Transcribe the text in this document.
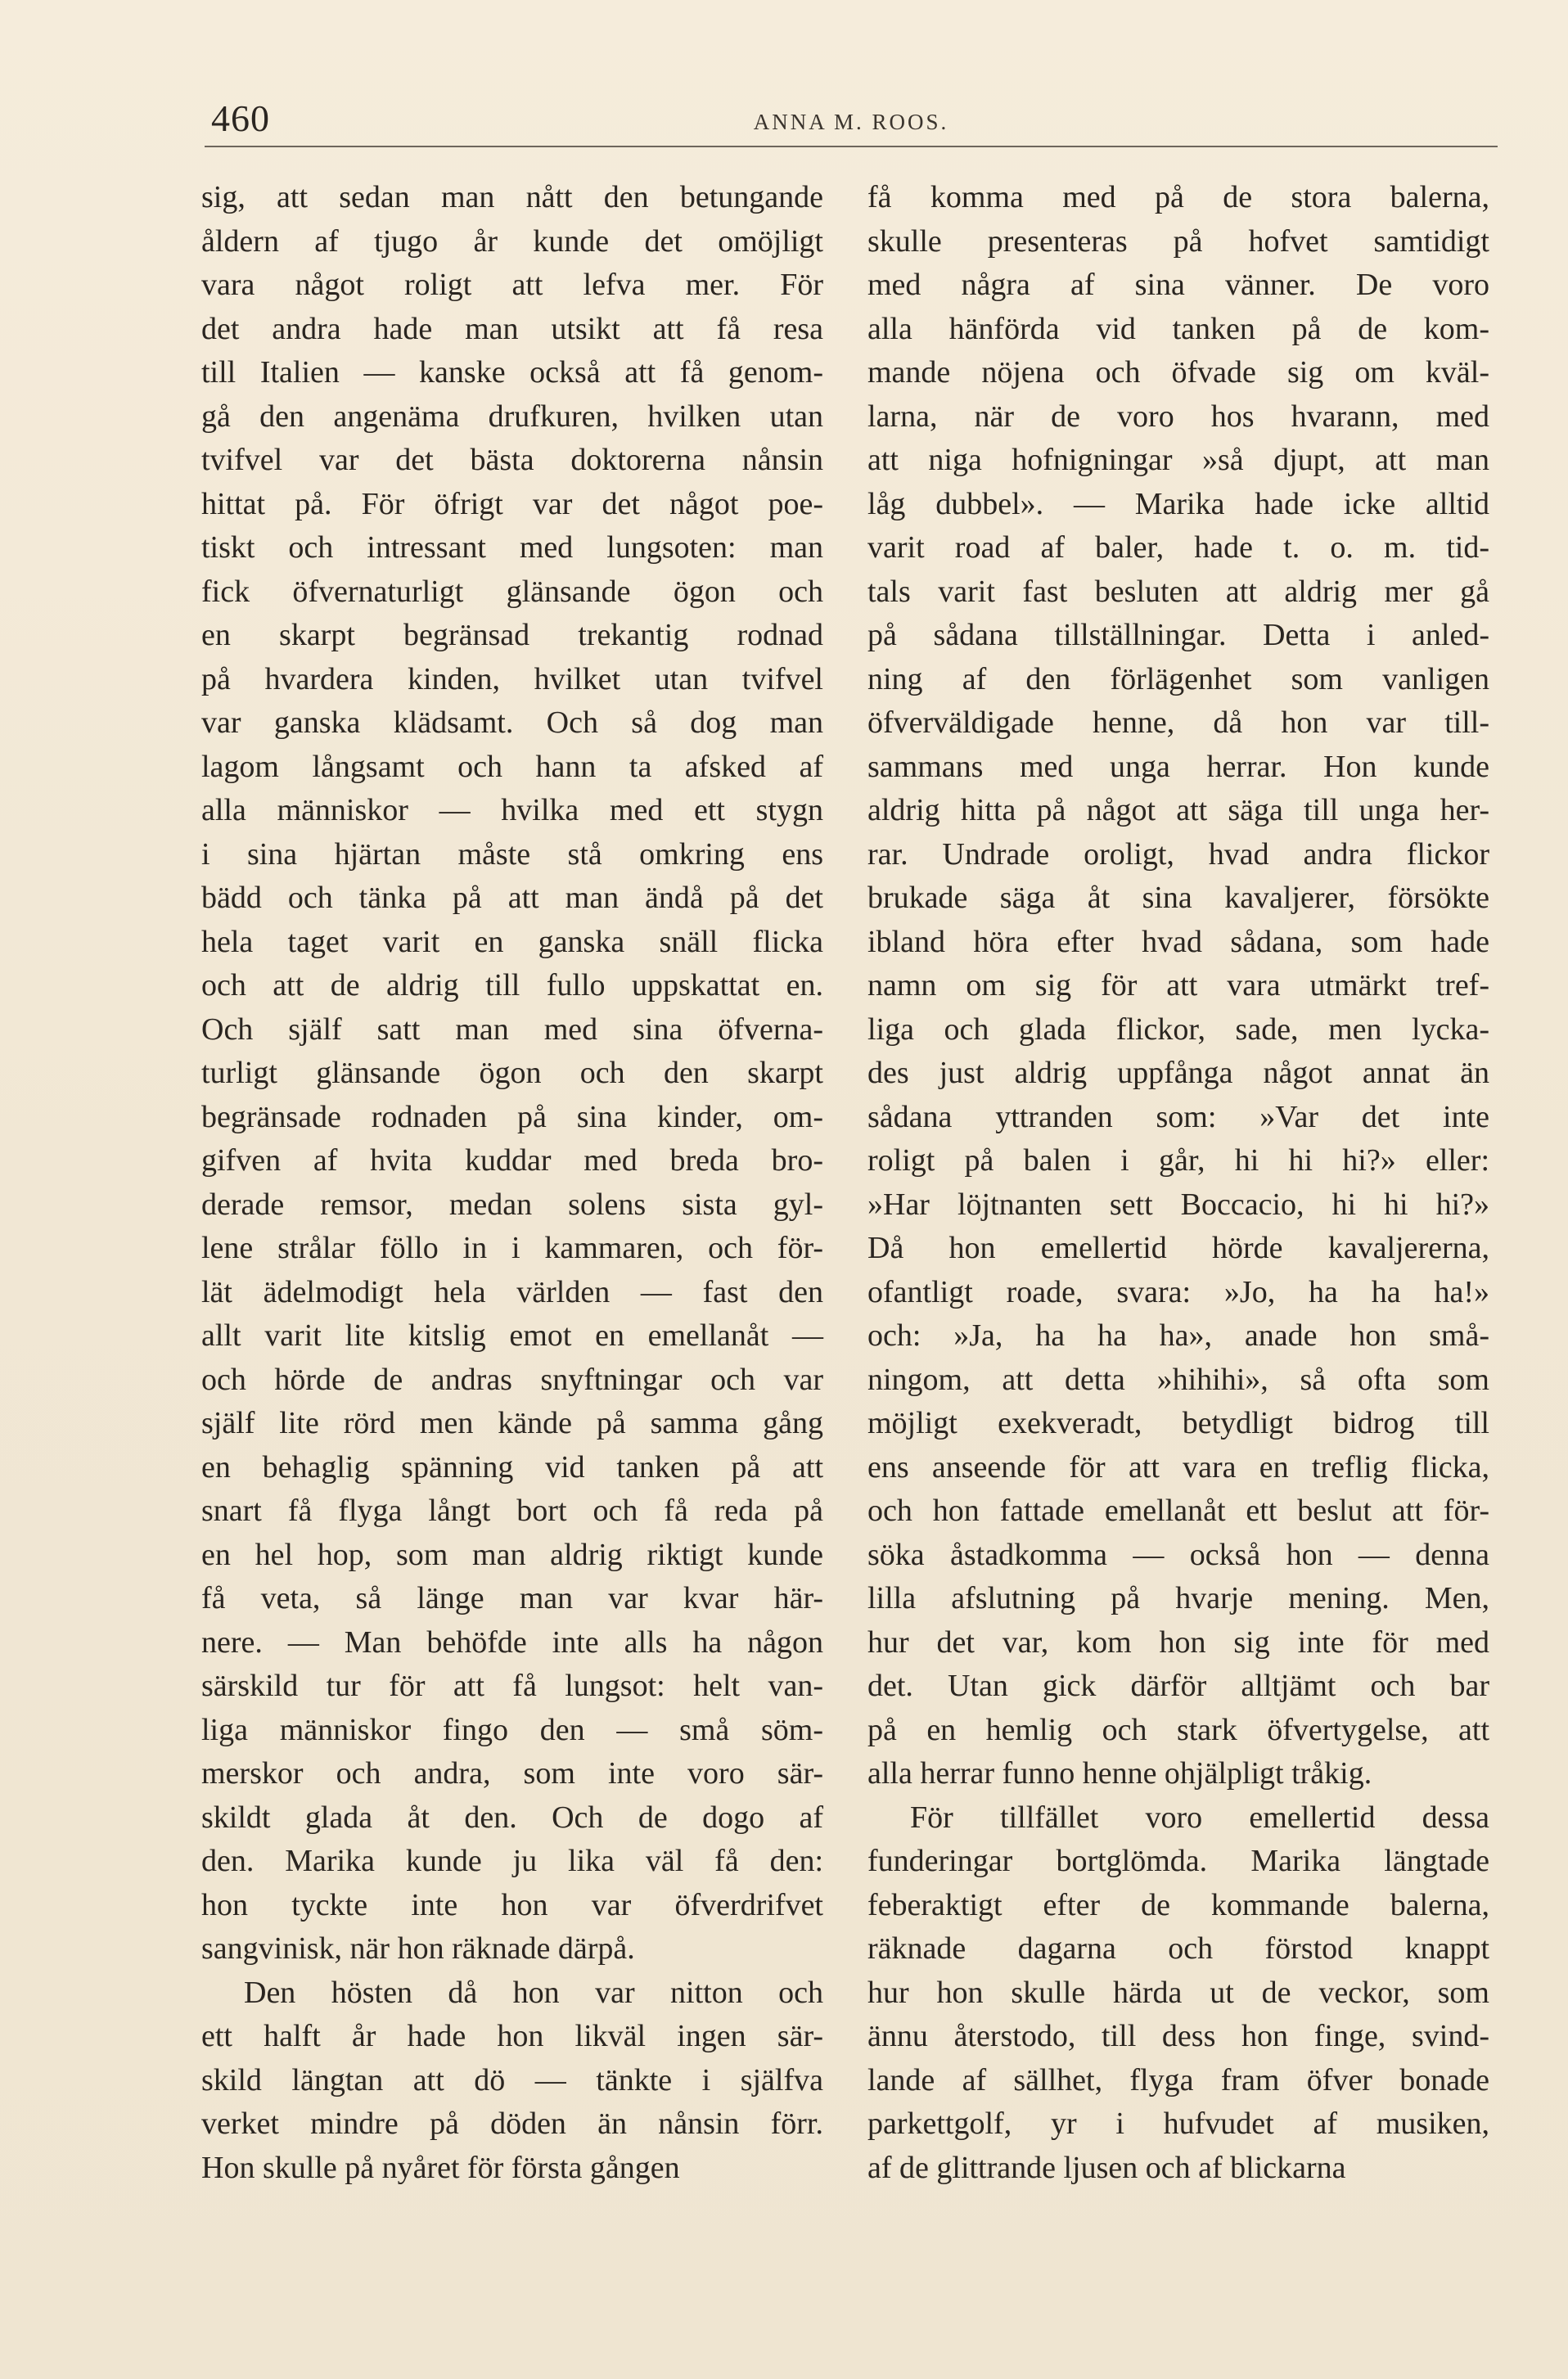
460	ANNA M. ROOS.
sig, att sedan man nått den betungande
åldern af tjugo år kunde det omöjligt
vara något roligt att lefva mer. För
det andra hade man utsikt att få resa
till Italien — kanske också att få genom-
gå den angenäma drufkuren, hvilken utan
tvifvel var det bästa doktorerna nånsin
hittat på. För öfrigt var det något poe-
tiskt och intressant med lungsoten: man
fick öfvernaturligt glänsande ögon och
en skarpt begränsad trekantig rodnad
på hvardera kinden, hvilket utan tvifvel
var ganska klädsamt. Och så dog man
lagom långsamt och hann ta afsked af
alla människor — hvilka med ett stygn
i sina hjärtan måste stå omkring ens
bädd och tänka på att man ändå på det
hela taget varit en ganska snäll flicka
och att de aldrig till fullo uppskattat en.
Och själf satt man med sina öfverna-
turligt glänsande ögon och den skarpt
begränsade rodnaden på sina kinder, om-
gifven af hvita kuddar med breda bro-
derade remsor, medan solens sista gyl-
lene strålar föllo in i kammaren, och för-
lät ädelmodigt hela världen — fast den
allt varit lite kitslig emot en emellanåt —
och hörde de andras snyftningar och var
själf lite rörd men kände på samma gång
en behaglig spänning vid tanken på att
snart få flyga långt bort och få reda på
en hel hop, som man aldrig riktigt kunde
få veta, så länge man var kvar här-
nere. — Man behöfde inte alls ha någon
särskild tur för att få lungsot: helt van-
liga människor fingo den — små söm-
merskor och andra, som inte voro sär-
skildt glada åt den. Och de dogo af
den. Marika kunde ju lika väl få den:
hon tyckte inte hon var öfverdrifvet
sangvinisk, när hon räknade därpå.
Den hösten då hon var nitton och
ett halft år hade hon likväl ingen sär-
skild längtan att dö — tänkte i själfva
verket mindre på döden än nånsin förr.
Hon skulle på nyåret för första gången
få komma med på de stora balerna,
skulle presenteras på hofvet samtidigt
med några af sina vänner. De voro
alla hänförda vid tanken på de kom-
mande nöjena och öfvade sig om kväl-
larna, när de voro hos hvarann, med
att niga hofnigningar »så djupt, att man
låg dubbel». — Marika hade icke alltid
varit road af baler, hade t. o. m. tid-
tals varit fast besluten att aldrig mer gå
på sådana tillställningar. Detta i anled-
ning af den förlägenhet som vanligen
öfverväldigade henne, då hon var till-
sammans med unga herrar. Hon kunde
aldrig hitta på något att säga till unga her-
rar. Undrade oroligt, hvad andra flickor
brukade säga åt sina kavaljerer, försökte
ibland höra efter hvad sådana, som hade
namn om sig för att vara utmärkt tref-
liga och glada flickor, sade, men lycka-
des just aldrig uppfånga något annat än
sådana yttranden som: »Var det inte
roligt på balen i går, hi hi hi?» eller:
»Har löjtnanten sett Boccacio, hi hi hi?»
Då hon emellertid hörde kavaljererna,
ofantligt roade, svara: »Jo, ha ha ha!»
och: »Ja, ha ha ha», anade hon små-
ningom, att detta »hihihi», så ofta som
möjligt exekveradt, betydligt bidrog till
ens anseende för att vara en treflig flicka,
och hon fattade emellanåt ett beslut att för-
söka åstadkomma — också hon — denna
lilla afslutning på hvarje mening. Men,
hur det var, kom hon sig inte för med
det. Utan gick därför alltjämt och bar
på en hemlig och stark öfvertygelse, att
alla herrar funno henne ohjälpligt tråkig.
För tillfället voro emellertid dessa
funderingar bortglömda. Marika längtade
feberaktigt efter de kommande balerna,
räknade dagarna och förstod knappt
hur hon skulle härda ut de veckor, som
ännu återstodo, till dess hon finge, svind-
lande af sällhet, flyga fram öfver bonade
parkettgolf, yr i hufvudet af musiken,
af de glittrande ljusen och af blickarna
